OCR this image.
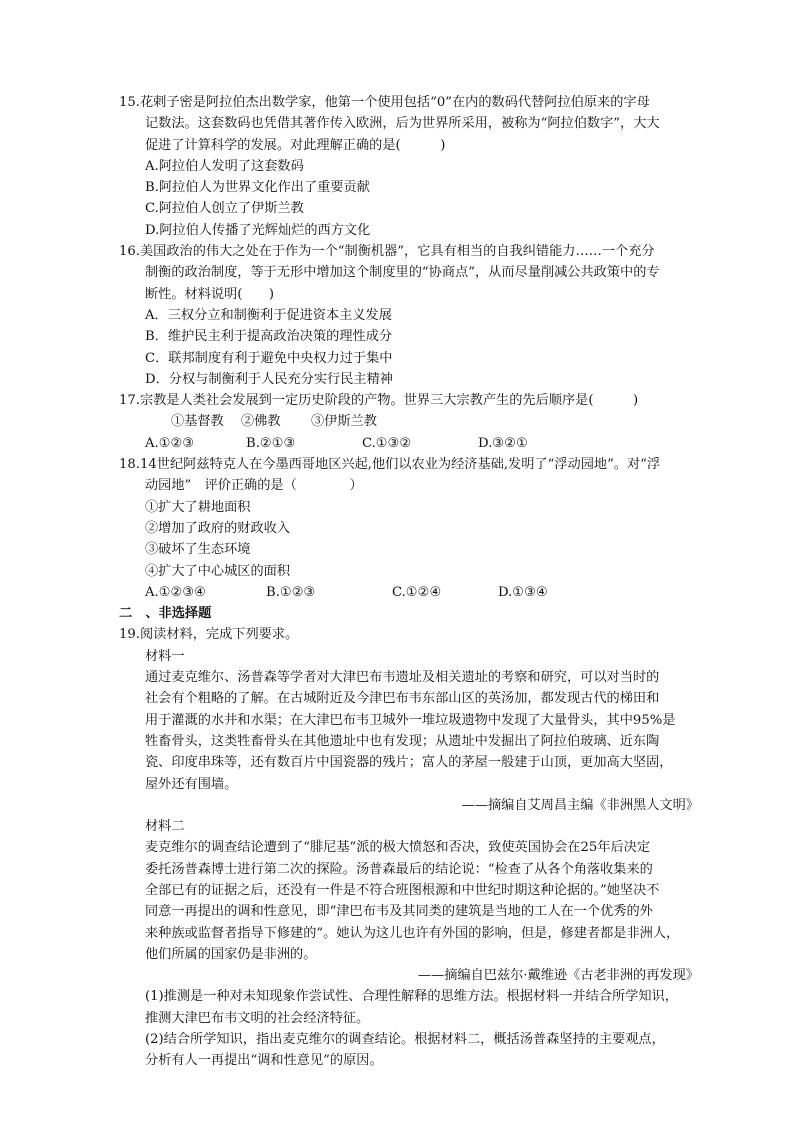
15.花剌子密是阿拉伯杰出数学家，他第一个使用包括“0”在内的数码代替阿拉伯原来的字母

记数法。这套数码也凭借其著作传入欧洲，后为世界所采用，被称为“阿拉伯数字”，大大

促进了计算科学的发展。对此理解正确的是(　　　)

A.阿拉伯人发明了这套数码

B.阿拉伯人为世界文化作出了重要贡献

C.阿拉伯人创立了伊斯兰教

D.阿拉伯人传播了光辉灿烂的西方文化

16.美国政治的伟大之处在于作为一个“制衡机器”，它具有相当的自我纠错能力……一个充分

制衡的政治制度，等于无形中增加这个制度里的“协商点”，从而尽量削减公共政策中的专

断性。材料说明(　　)

A．三权分立和制衡利于促进资本主义发展

B．维护民主利于提高政治决策的理性成分

C．联邦制度有利于避免中央权力过于集中

D．分权与制衡利于人民充分实行民主精神

17.宗教是人类社会发展到一定历史阶段的产物。世界三大宗教产生的先后顺序是(　　　)

①基督教	②佛教	③伊斯兰教

A.①②③	B.②①③	C.①③②	D.③②①

18.14世纪阿兹特克人在今墨西哥地区兴起,他们以农业为经济基础,发明了“浮动园地”。对“浮

动园地”　评价正确的是（　　　　）

①扩大了耕地面积

②增加了政府的财政收入

③破坏了生态环境

④扩大了中心城区的面积

A.①②③④	B.①②③	C.①②④	D.①③④

二　、非选择题

19.阅读材料，完成下列要求。

材料一

通过麦克维尔、汤普森等学者对大津巴布韦遗址及相关遗址的考察和研究，可以对当时的

社会有个粗略的了解。在古城附近及今津巴布韦东部山区的英汤加，都发现古代的梯田和

用于灌溉的水井和水渠；在大津巴布韦卫城外一堆垃圾遗物中发现了大量骨头，其中95%是

牲畜骨头，这类牲畜骨头在其他遗址中也有发现；从遗址中发掘出了阿拉伯玻璃、近东陶

瓷、印度串珠等，还有数百片中国瓷器的残片；富人的茅屋一般建于山顶，更加高大坚固，

屋外还有围墙。

——摘编自艾周昌主编《非洲黑人文明》

材料二

麦克维尔的调查结论遭到了“腓尼基”派的极大愤怒和否决，致使英国协会在25年后决定

委托汤普森博士进行第二次的探险。汤普森最后的结论说：“检查了从各个角落收集来的

全部已有的证据之后，还没有一件是不符合班图根源和中世纪时期这种论据的。”她坚决不

同意一再提出的调和性意见，即“津巴布韦及其同类的建筑是当地的工人在一个优秀的外

来种族或监督者指导下修建的”。她认为这儿也许有外国的影响，但是，修建者都是非洲人，

他们所属的国家仍是非洲的。

——摘编自巴兹尔·戴维逊《古老非洲的再发现》

(1)推测是一种对未知现象作尝试性、合理性解释的思维方法。根据材料一并结合所学知识，

推测大津巴布韦文明的社会经济特征。

(2)结合所学知识，指出麦克维尔的调查结论。根据材料二，概括汤普森坚持的主要观点，

分析有人一再提出“调和性意见”的原因。
